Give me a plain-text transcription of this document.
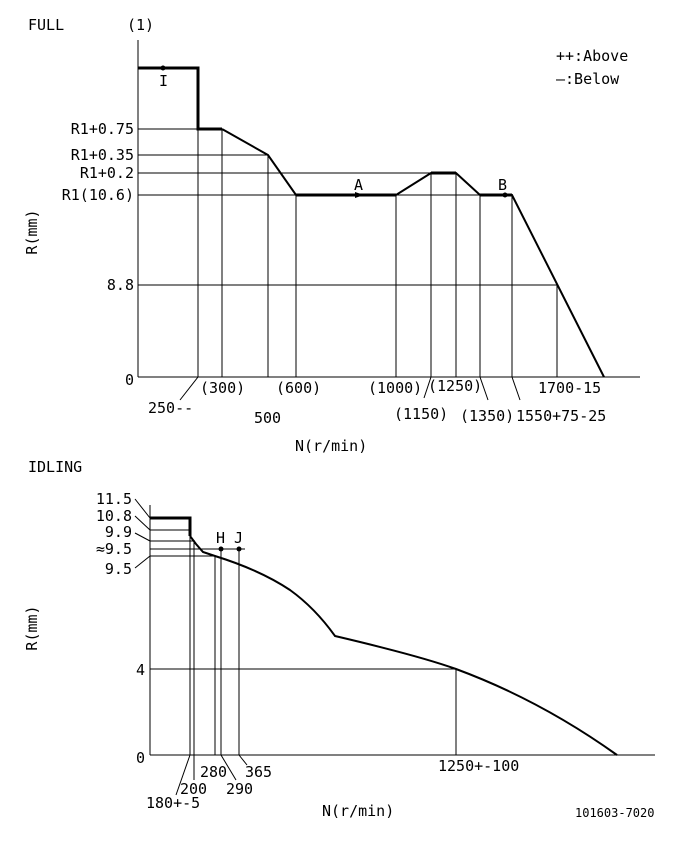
FULL	(1)
++:Above
—:Below
I
A	B
R(mm)
R1+0.75
R1+0.35
R1+0.2
R1(10.6)
8.8
0
250--
(300)
500
(600)	(1000)
(1150)
(1250)
(1350) 1550+75-25
1700-15
N(r/min)
IDLING
H J
R(mm)
11.5
10.8
9.9
≈9.5
9.5
4
0
180+-5
200
280
290
365	1250+-100
N(r/min)	101603-7020
